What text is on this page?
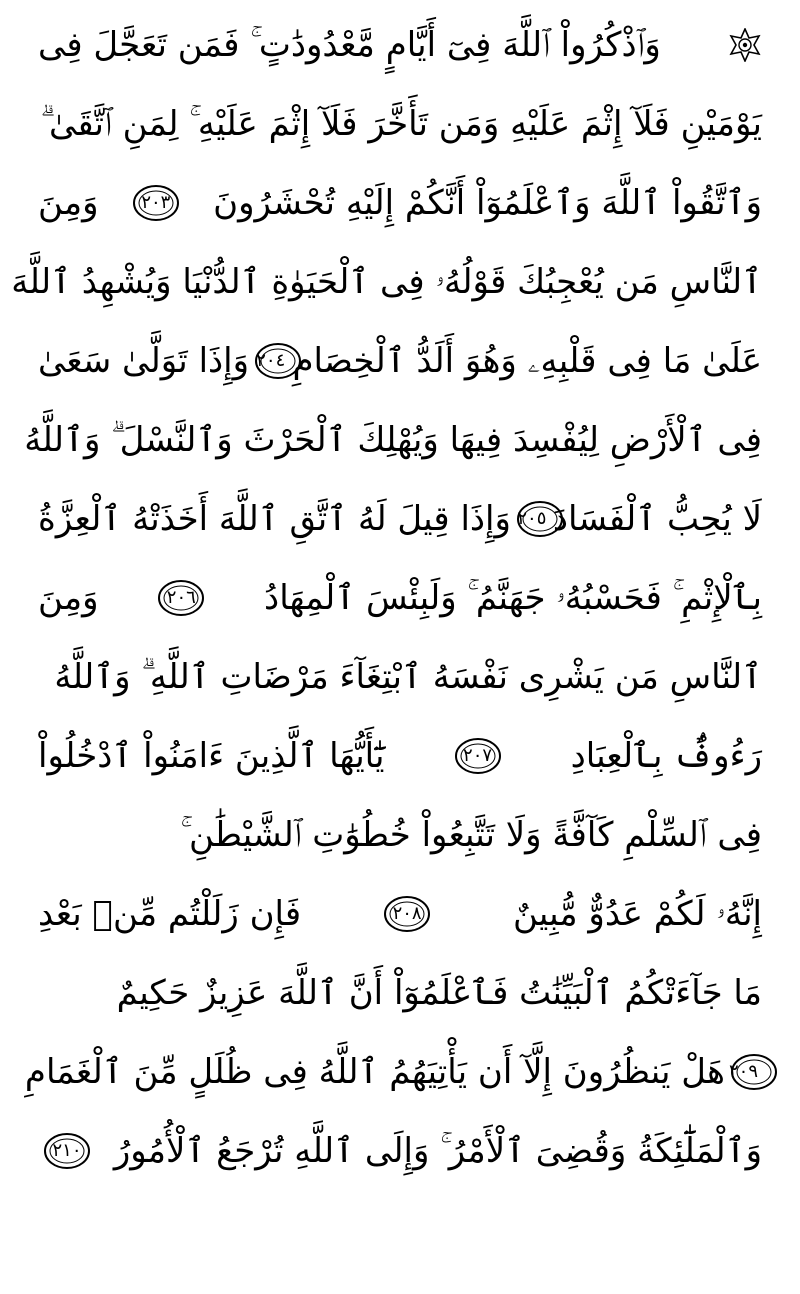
وَٱذْكُرُواْ ٱللَّهَ فِىٓ أَيَّامٍ مَّعْدُودَٰتٍ ۚ فَمَن تَعَجَّلَ فِى
يَوْمَيْنِ فَلَآ إِثْمَ عَلَيْهِ وَمَن تَأَخَّرَ فَلَآ إِثْمَ عَلَيْهِ ۚ لِمَنِ ٱتَّقَىٰ ۗ
وَٱتَّقُواْ ٱللَّهَ وَٱعْلَمُوٓاْ أَنَّكُمْ إِلَيْهِ تُحْشَرُونَ
٢٠٣
وَمِنَ
ٱلنَّاسِ مَن يُعْجِبُكَ قَوْلُهُۥ فِى ٱلْحَيَوٰةِ ٱلدُّنْيَا وَيُشْهِدُ ٱللَّهَ
عَلَىٰ مَا فِى قَلْبِهِۦ وَهُوَ أَلَدُّ ٱلْخِصَامِ
٢٠٤
وَإِذَا تَوَلَّىٰ سَعَىٰ
فِى ٱلْأَرْضِ لِيُفْسِدَ فِيهَا وَيُهْلِكَ ٱلْحَرْثَ وَٱلنَّسْلَ ۗ وَٱللَّهُ
لَا يُحِبُّ ٱلْفَسَادَ
٢٠٥
وَإِذَا قِيلَ لَهُ ٱتَّقِ ٱللَّهَ أَخَذَتْهُ ٱلْعِزَّةُ
بِٱلْإِثْمِ ۚ فَحَسْبُهُۥ جَهَنَّمُ ۚ وَلَبِئْسَ ٱلْمِهَادُ
٢٠٦
وَمِنَ
ٱلنَّاسِ مَن يَشْرِى نَفْسَهُ ٱبْتِغَآءَ مَرْضَاتِ ٱللَّهِ ۗ وَٱللَّهُ
رَءُوفٌۢ بِٱلْعِبَادِ
٢٠٧
يَٰٓأَيُّهَا ٱلَّذِينَ ءَامَنُواْ ٱدْخُلُواْ
فِى ٱلسِّلْمِ كَآفَّةً وَلَا تَتَّبِعُواْ خُطُوَٰتِ ٱلشَّيْطَٰنِ ۚ
إِنَّهُۥ لَكُمْ عَدُوٌّ مُّبِينٌ
٢٠٨
فَإِن زَلَلْتُم مِّنۢ بَعْدِ
مَا جَآءَتْكُمُ ٱلْبَيِّنَٰتُ فَٱعْلَمُوٓاْ أَنَّ ٱللَّهَ عَزِيزٌ حَكِيمٌ
٢٠٩
هَلْ يَنظُرُونَ إِلَّآ أَن يَأْتِيَهُمُ ٱللَّهُ فِى ظُلَلٍ مِّنَ ٱلْغَمَامِ
وَٱلْمَلَٰٓئِكَةُ وَقُضِىَ ٱلْأَمْرُ ۚ وَإِلَى ٱللَّهِ تُرْجَعُ ٱلْأُمُورُ
٢١٠
